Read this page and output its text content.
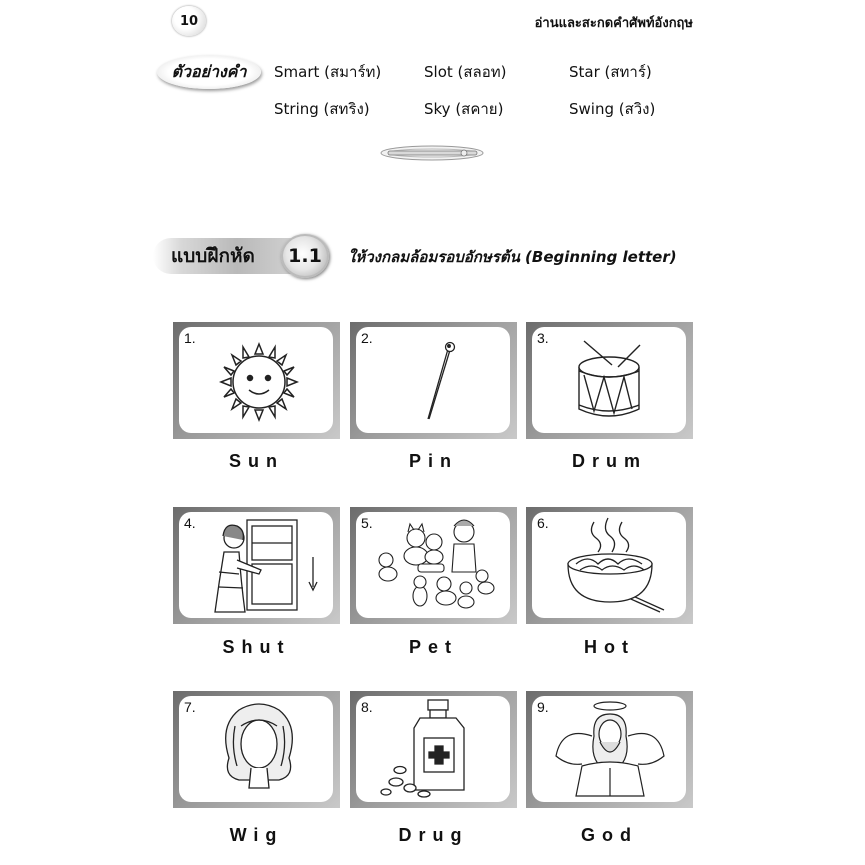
10	อ่านและสะกดคำศัพท์อังกฤษ
ตัวอย่างคำ	Smart (สมาร์ท)	Slot (สลอท)	Star (สทาร์)
String (สทริง)	Sky (สคาย)	Swing (สวิง)
แบบฝึกหัด	1.1	ให้วงกลมล้อมรอบอักษรต้น (Beginning letter)
1.
Sun
2.
Pin
3.
Drum
4.
Shut
5.
Pet
6.
Hot
7.
Wig
8.
Drug
9.
God
